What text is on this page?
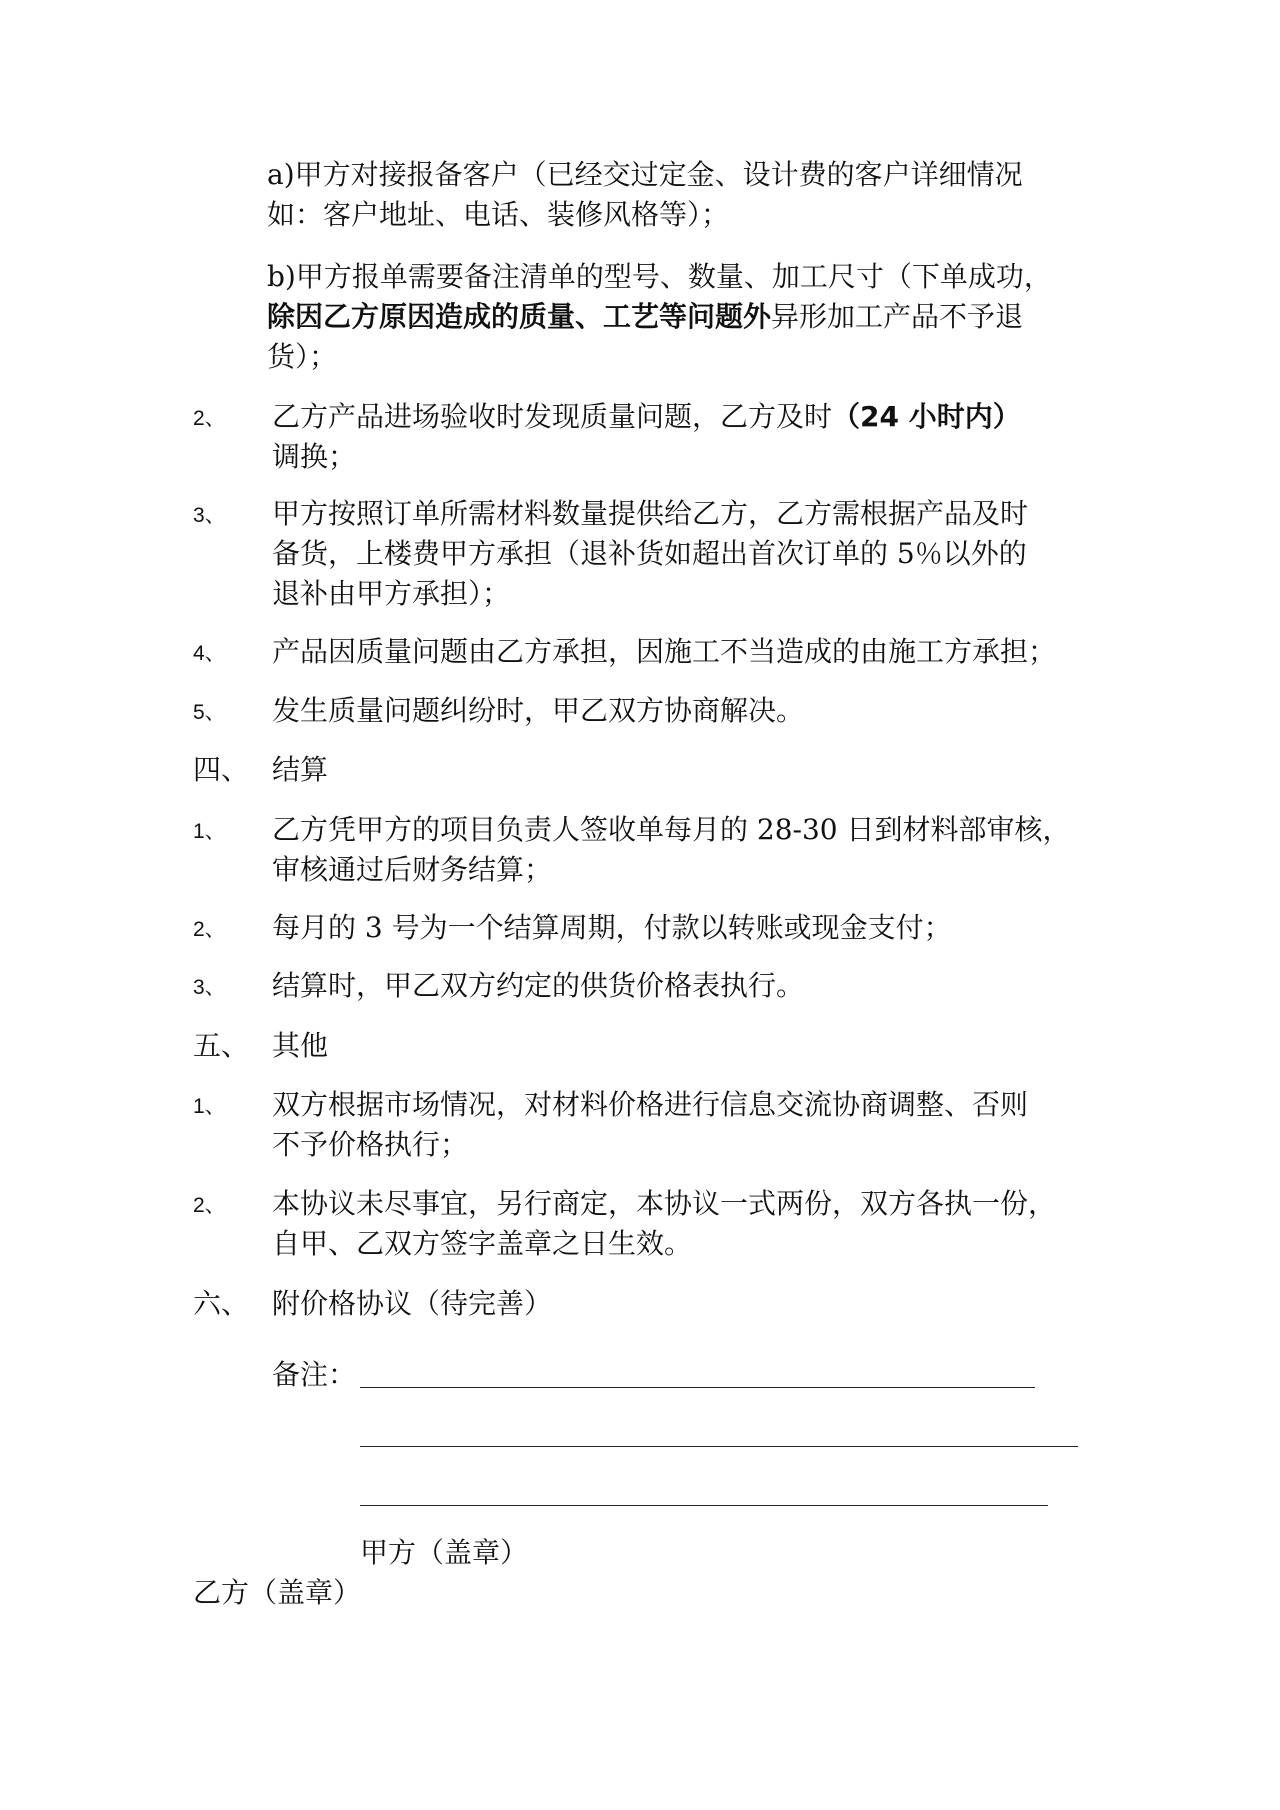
a)甲方对接报备客户（已经交过定金、设计费的客户详细情况
如：客户地址、电话、装修风格等）；
b)甲方报单需要备注清单的型号、数量、加工尺寸（下单成功，
除因乙方原因造成的质量、工艺等问题外异形加工产品不予退
货）；
2、 乙方产品进场验收时发现质量问题，乙方及时（24 小时内）
调换；
3、 甲方按照订单所需材料数量提供给乙方，乙方需根据产品及时
备货，上楼费甲方承担（退补货如超出首次订单的 5％以外的
退补由甲方承担）；
4、 产品因质量问题由乙方承担，因施工不当造成的由施工方承担；
5、 发生质量问题纠纷时，甲乙双方协商解决。
四、 结算
1、 乙方凭甲方的项目负责人签收单每月的 28-30 日到材料部审核，
审核通过后财务结算；
2、 每月的 3 号为一个结算周期，付款以转账或现金支付；
3、 结算时，甲乙双方约定的供货价格表执行。
五、 其他
1、 双方根据市场情况，对材料价格进行信息交流协商调整、否则
不予价格执行；
2、 本协议未尽事宜，另行商定，本协议一式两份，双方各执一份，
自甲、乙双方签字盖章之日生效。
六、 附价格协议（待完善）
备注：
甲方（盖章）
乙方（盖章）
